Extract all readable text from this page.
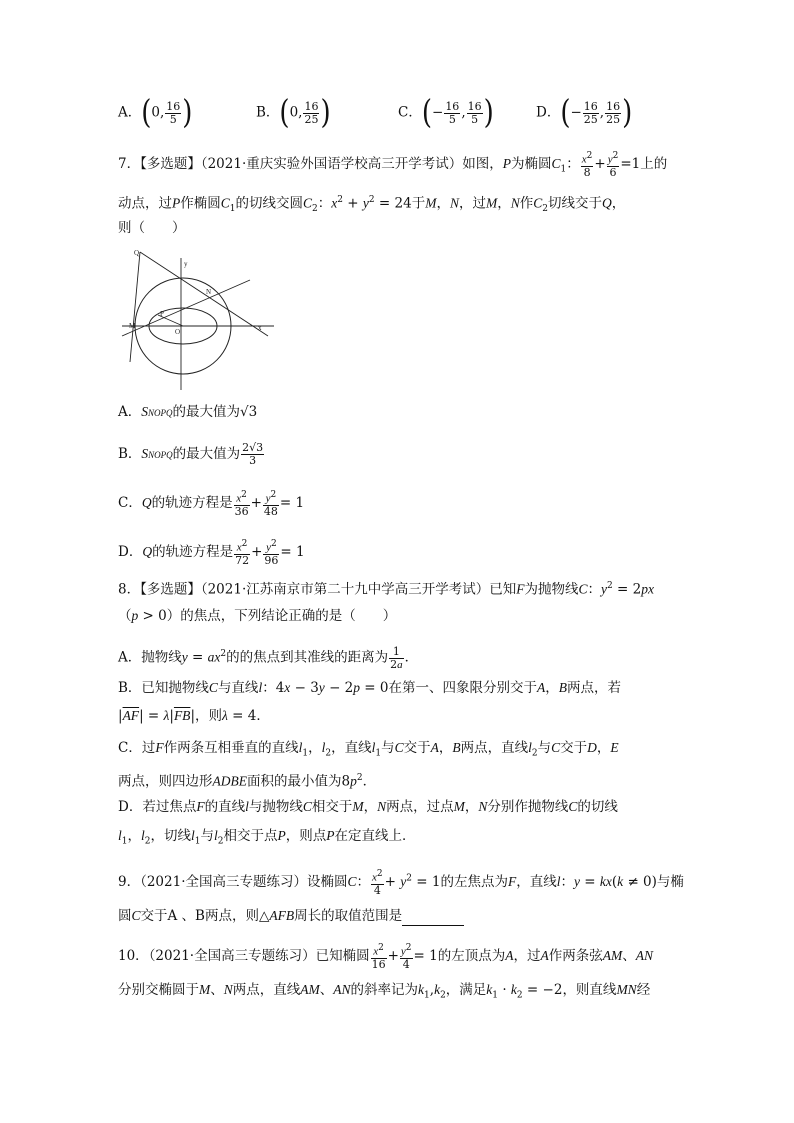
A．(0, $\frac{16}{5}$ )	B．(0, $\frac{16}{25}$ )	C．(− $\frac{16}{5}$ , $\frac{16}{5}$ )	D．(− $\frac{16}{25}$ , $\frac{16}{25}$ )
7．【多选题】（2021·重庆实验外国语学校高三开学考试）如图，P为椭圆$C_1$： $\frac{x^2}{8} + \frac{y^2}{6} =1$上的
动点，过P作椭圆$C_1$的切线交圆$C_2$：$x^2 + y^2 = 24$于M，N，过M，N作$C_2$切线交于Q，
则（　　）
Q
y
N
P
M
O	x
A．SNOPQ的最大值为√3
B．SNOPQ的最大值为 $\frac{2√3}{3}$
C．Q的轨迹方程是 $\frac{x^2}{36} + \frac{y^2}{48} = 1$
D．Q的轨迹方程是 $\frac{x^2}{72} + \frac{y^2}{96} = 1$
8．【多选题】（2021·江苏南京市第二十九中学高三开学考试）已知F为抛物线C：$y^2 = 2px$
（p > 0）的焦点，下列结论正确的是（　　）
A．抛物线$y = ax^2$的的焦点到其准线的距离为 $\frac{1}{2a}$ ．
B．已知抛物线C与直线l：4x − 3y − 2p = 0在第一、四象限分别交于A，B两点，若
$|\overline{AF}| = \lambda|\overline{FB}|$，则λ = 4．
C．过F作两条互相垂直的直线$l_1$，$l_2$，直线$l_1$与C交于A，B两点，直线$l_2$与C交于D，E
两点，则四边形ADBE面积的最小值为$8p^2$．
D．若过焦点F的直线l与抛物线C相交于M，N两点，过点M，N分别作抛物线C的切线
$l_1$，$l_2$，切线$l_1$与$l_2$相交于点P，则点P在定直线上．
9．（2021·全国高三专题练习）设椭圆C： $\frac{x^2}{4} + y^2 = 1$的左焦点为F，直线l：y = kx(k ≠ 0)与椭
圆C交于A 、B两点，则△AFB周长的取值范围是
10．（2021·全国高三专题练习）已知椭圆 $\frac{x^2}{16} + \frac{y^2}{4} = 1$的左顶点为A，过A作两条弦AM、AN
分别交椭圆于M、N两点，直线AM、AN的斜率记为$k_1,k_2$，满足$k_1 \cdot k_2 = -2$，则直线MN经
